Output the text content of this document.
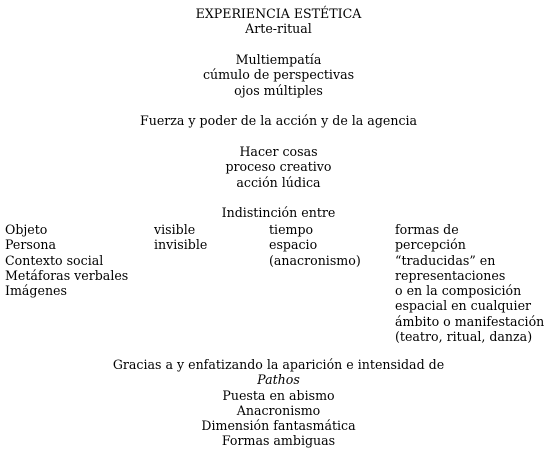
EXPERIENCIA ESTÉTICA
Arte-ritual
Multiempatía
cúmulo de perspectivas
ojos múltiples
Fuerza y poder de la acción y de la agencia
Hacer cosas
proceso creativo
acción lúdica
Indistinción entre
Objeto
Persona
Contexto social
Metáforas verbales
Imágenes
visible
invisible
tiempo
espacio
(anacronismo)
formas de
percepción
“traducidas” en
representaciones
o en la composición
espacial en cualquier
ámbito o manifestación
(teatro, ritual, danza)
Gracias a y enfatizando la aparición e intensidad de
Pathos
Puesta en abismo
Anacronismo
Dimensión fantasmática
Formas ambiguas
